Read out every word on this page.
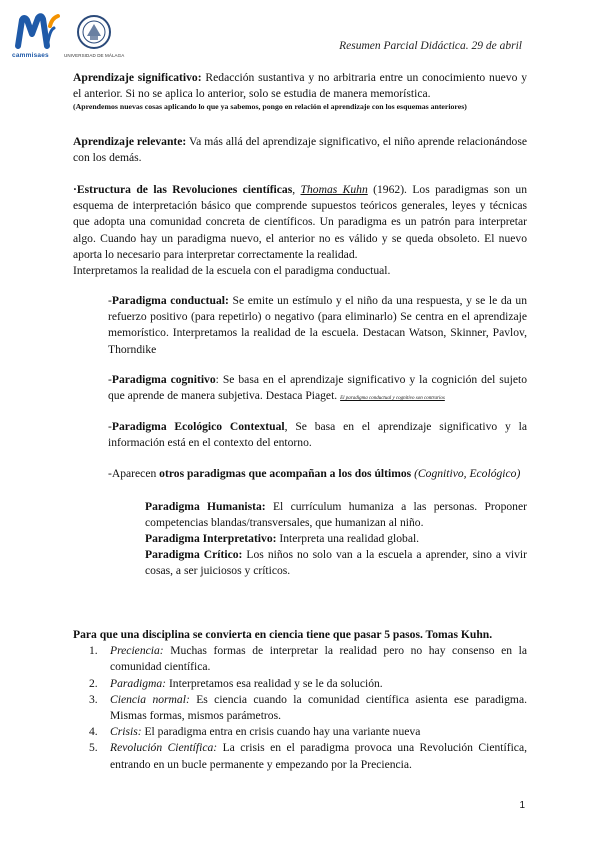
cammisaes	UNIVERSIDAD DE MÁLAGA
Resumen Parcial Didáctica. 29 de abril

Aprendizaje significativo: Redacción sustantiva y no arbitraria entre un conocimiento nuevo y el anterior. Si no se aplica lo anterior, solo se estudia de manera memorística.

(Aprendemos nuevas cosas aplicando lo que ya sabemos, pongo en relación el aprendizaje con los esquemas anteriores)

Aprendizaje relevante: Va más allá del aprendizaje significativo, el niño aprende relacionándose con los demás.

·Estructura de las Revoluciones científicas, Thomas Kuhn (1962). Los paradigmas son un esquema de interpretación básico que comprende supuestos teóricos generales, leyes y técnicas que adopta una comunidad concreta de científicos. Un paradigma es un patrón para interpretar algo. Cuando hay un paradigma nuevo, el anterior no es válido y se queda obsoleto. El nuevo aporta lo necesario para interpretar correctamente la realidad.

Interpretamos la realidad de la escuela con el paradigma conductual.

-Paradigma conductual: Se emite un estímulo y el niño da una respuesta, y se le da un refuerzo positivo (para repetirlo) o negativo (para eliminarlo) Se centra en el aprendizaje memorístico. Interpretamos la realidad de la escuela. Destacan Watson, Skinner, Pavlov, Thorndike

-Paradigma cognitivo: Se basa en el aprendizaje significativo y la cognición del sujeto que aprende de manera subjetiva. Destaca Piaget. El paradigma conductual y cognitivo son contrarios

-Paradigma Ecológico Contextual, Se basa en el aprendizaje significativo y la información está en el contexto del entorno.

-Aparecen otros paradigmas que acompañan a los dos últimos (Cognitivo, Ecológico)

Paradigma Humanista: El currículum humaniza a las personas. Proponer competencias blandas/transversales, que humanizan al niño.

Paradigma Interpretativo: Interpreta una realidad global.

Paradigma Crítico: Los niños no solo van a la escuela a aprender, sino a vivir cosas, a ser juiciosos y críticos.

Para que una disciplina se convierta en ciencia tiene que pasar 5 pasos. Tomas Kuhn.

1. Preciencia: Muchas formas de interpretar la realidad pero no hay consenso en la comunidad científica.
2. Paradigma: Interpretamos esa realidad y se le da solución.
3. Ciencia normal: Es ciencia cuando la comunidad científica asienta ese paradigma. Mismas formas, mismos parámetros.
4. Crisis: El paradigma entra en crisis cuando hay una variante nueva
5. Revolución Científica: La crisis en el paradigma provoca una Revolución Científica, entrando en un bucle permanente y empezando por la Preciencia.
1
